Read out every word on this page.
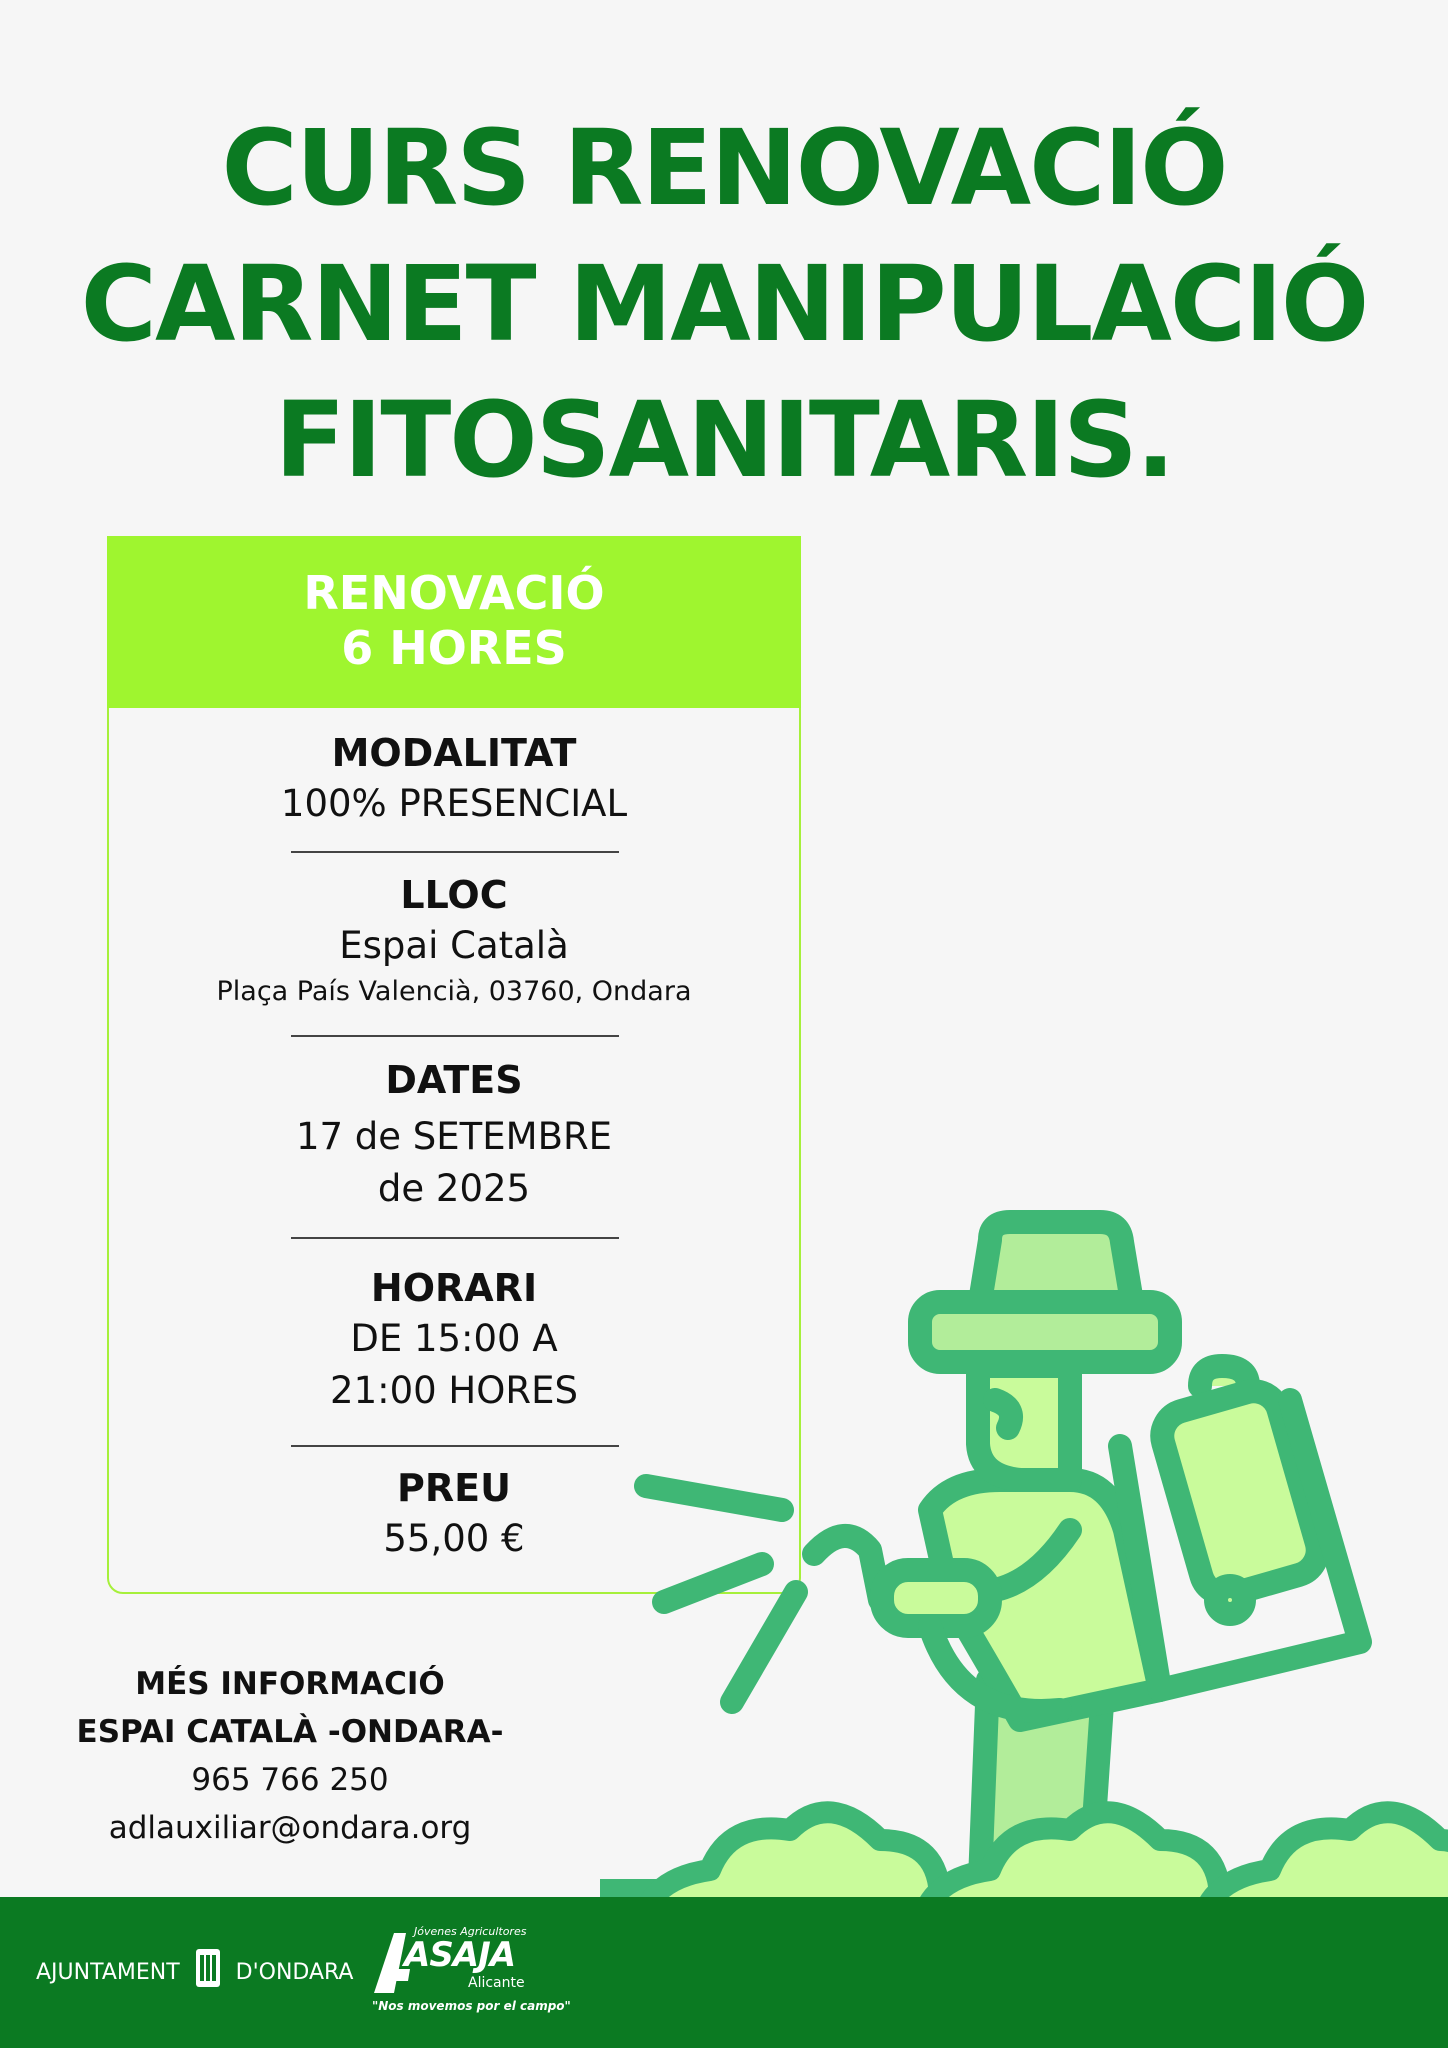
CURS RENOVACIÓ
CARNET MANIPULACIÓ
FITOSANITARIS.
RENOVACIÓ
6 HORES
MODALITAT
100% PRESENCIAL
LLOC
Espai Català
Plaça País Valencià, 03760, Ondara
DATES
17 de SETEMBRE
de 2025
HORARI
DE 15:00 A
21:00 HORES
PREU
55,00 €
MÉS INFORMACIÓ
ESPAI CATALÀ -ONDARA-
965 766 250
adlauxiliar@ondara.org
AJUNTAMENT	D'ONDARA
Jóvenes Agricultores
ASAJA
Alicante
"Nos movemos por el campo"
